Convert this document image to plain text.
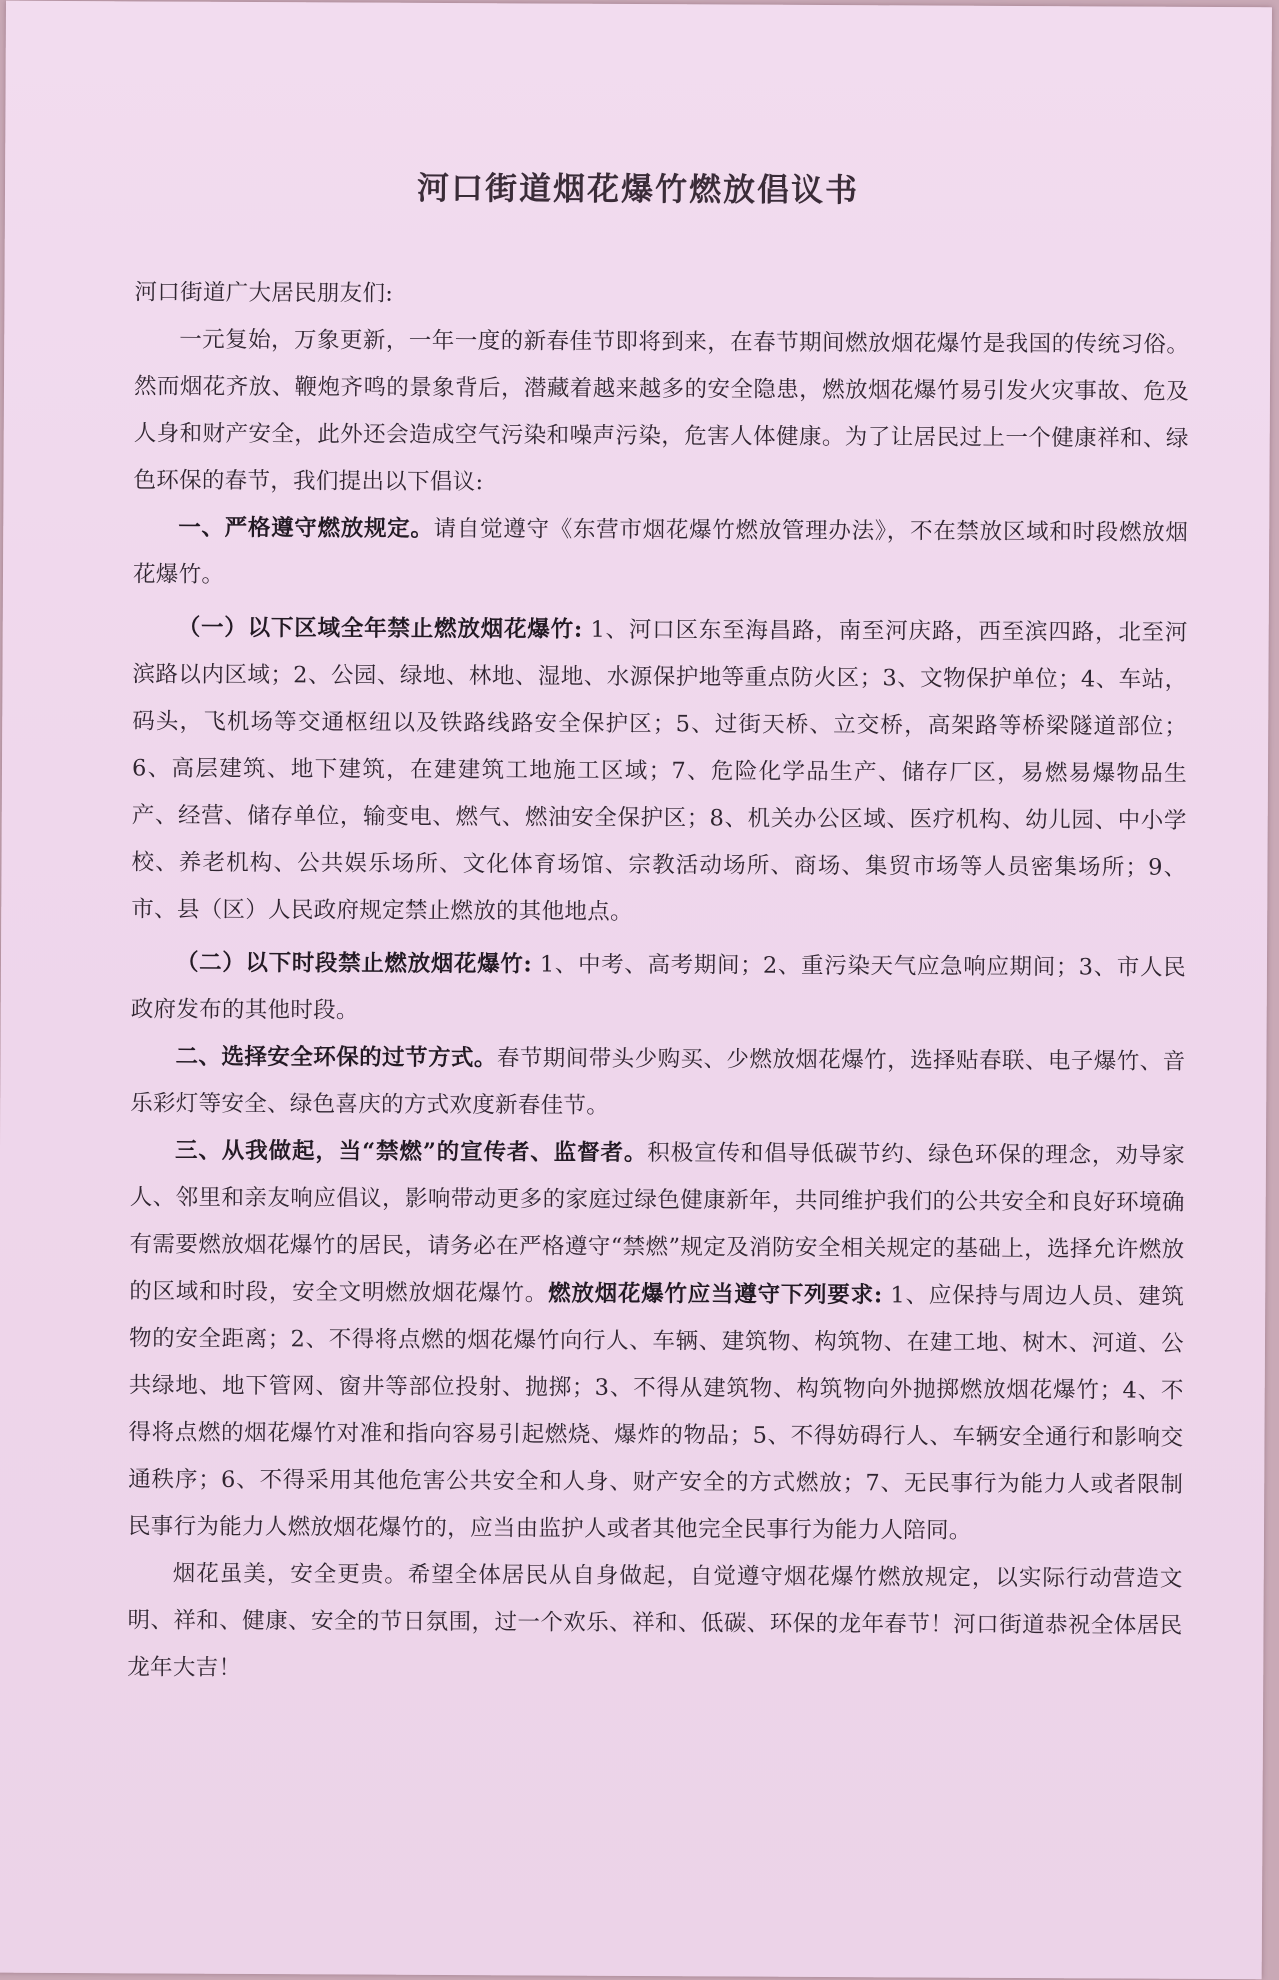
河口街道烟花爆竹燃放倡议书

河口街道广大居民朋友们:

一元复始，万象更新，一年一度的新春佳节即将到来，在春节期间燃放烟花爆竹是我国的传统习俗。然而烟花齐放、鞭炮齐鸣的景象背后，潜藏着越来越多的安全隐患，燃放烟花爆竹易引发火灾事故、危及人身和财产安全，此外还会造成空气污染和噪声污染，危害人体健康。为了让居民过上一个健康祥和、绿色环保的春节，我们提出以下倡议:

一、严格遵守燃放规定。请自觉遵守《东营市烟花爆竹燃放管理办法》，不在禁放区域和时段燃放烟花爆竹。

（一）以下区域全年禁止燃放烟花爆竹: 1、河口区东至海昌路，南至河庆路，西至滨四路，北至河滨路以内区域；2、公园、绿地、林地、湿地、水源保护地等重点防火区；3、文物保护单位；4、车站，码头，飞机场等交通枢纽以及铁路线路安全保护区；5、过街天桥、立交桥，高架路等桥梁隧道部位；6、高层建筑、地下建筑，在建建筑工地施工区域；7、危险化学品生产、储存厂区，易燃易爆物品生产、经营、储存单位，输变电、燃气、燃油安全保护区；8、机关办公区域、医疗机构、幼儿园、中小学校、养老机构、公共娱乐场所、文化体育场馆、宗教活动场所、商场、集贸市场等人员密集场所；9、市、县（区）人民政府规定禁止燃放的其他地点。

（二）以下时段禁止燃放烟花爆竹: 1、中考、高考期间；2、重污染天气应急响应期间；3、市人民政府发布的其他时段。

二、选择安全环保的过节方式。春节期间带头少购买、少燃放烟花爆竹，选择贴春联、电子爆竹、音乐彩灯等安全、绿色喜庆的方式欢度新春佳节。

三、从我做起，当“禁燃”的宣传者、监督者。积极宣传和倡导低碳节约、绿色环保的理念，劝导家人、邻里和亲友响应倡议，影响带动更多的家庭过绿色健康新年，共同维护我们的公共安全和良好环境确有需要燃放烟花爆竹的居民，请务必在严格遵守“禁燃”规定及消防安全相关规定的基础上，选择允许燃放的区域和时段，安全文明燃放烟花爆竹。燃放烟花爆竹应当遵守下列要求: 1、应保持与周边人员、建筑物的安全距离；2、不得将点燃的烟花爆竹向行人、车辆、建筑物、构筑物、在建工地、树木、河道、公共绿地、地下管网、窗井等部位投射、抛掷；3、不得从建筑物、构筑物向外抛掷燃放烟花爆竹；4、不得将点燃的烟花爆竹对准和指向容易引起燃烧、爆炸的物品；5、不得妨碍行人、车辆安全通行和影响交通秩序；6、不得采用其他危害公共安全和人身、财产安全的方式燃放；7、无民事行为能力人或者限制民事行为能力人燃放烟花爆竹的，应当由监护人或者其他完全民事行为能力人陪同。

烟花虽美，安全更贵。希望全体居民从自身做起，自觉遵守烟花爆竹燃放规定，以实际行动营造文明、祥和、健康、安全的节日氛围，过一个欢乐、祥和、低碳、环保的龙年春节！河口街道恭祝全体居民龙年大吉！
